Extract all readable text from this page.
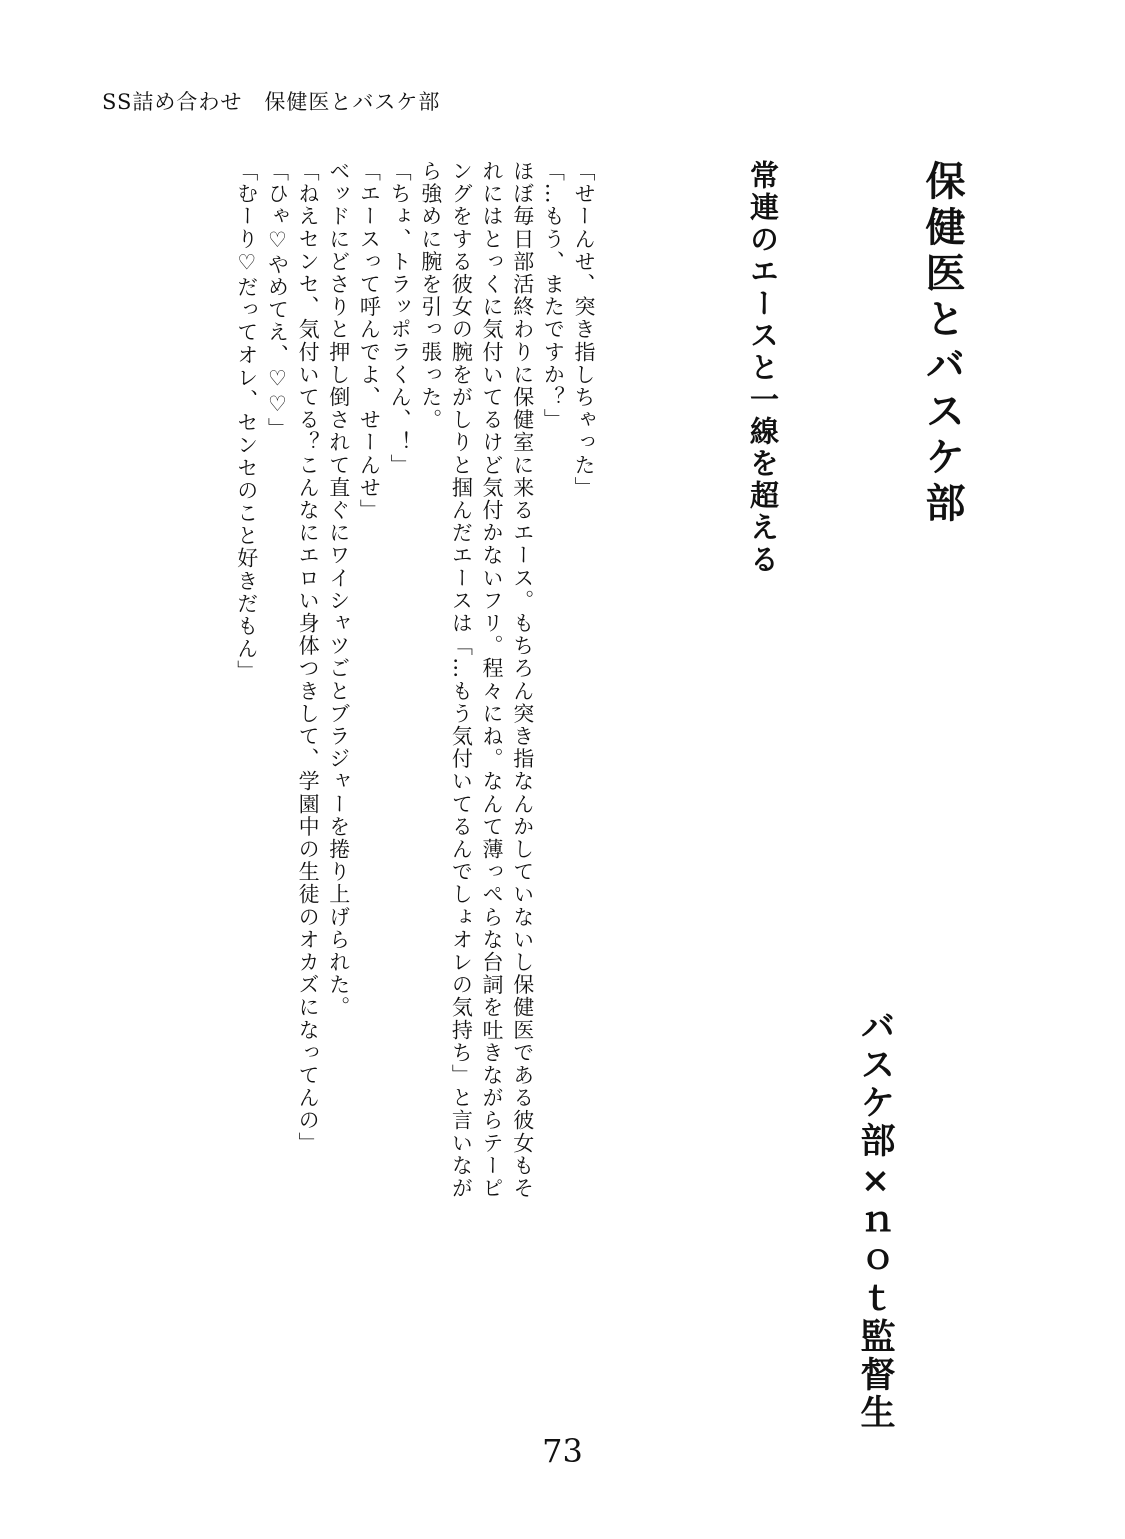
SS詰め合わせ　保健医とバスケ部
保健医とバスケ部
常連のエースと一線を超える
「せーんせ、突き指しちゃった」
「…もう、またですか？」
ほぼ毎日部活終わりに保健室に来るエース。もちろん突き指なんかしていないし保健医である彼女もそれにはとっくに気付いてるけど気付かないフリ。程々にね。なんて薄っぺらな台詞を吐きながらテーピングをする彼女の腕をがしりと掴んだエースは「…もう気付いてるんでしょオレの気持ち」と言いながら強めに腕を引っ張った。
「ちょ、トラッポラくん、！」
「エースって呼んでよ、せーんせ」
ベッドにどさりと押し倒されて直ぐにワイシャツごとブラジャーを捲り上げられた。
「ねえセンセ、気付いてる？こんなにエロい身体つきして、学園中の生徒のオカズになってんの」
「ひゃ♡やめてえ、♡♡」
「むーり♡だってオレ、センセのこと好きだもん」
バスケ部×ｎｏｔ監督生
73
